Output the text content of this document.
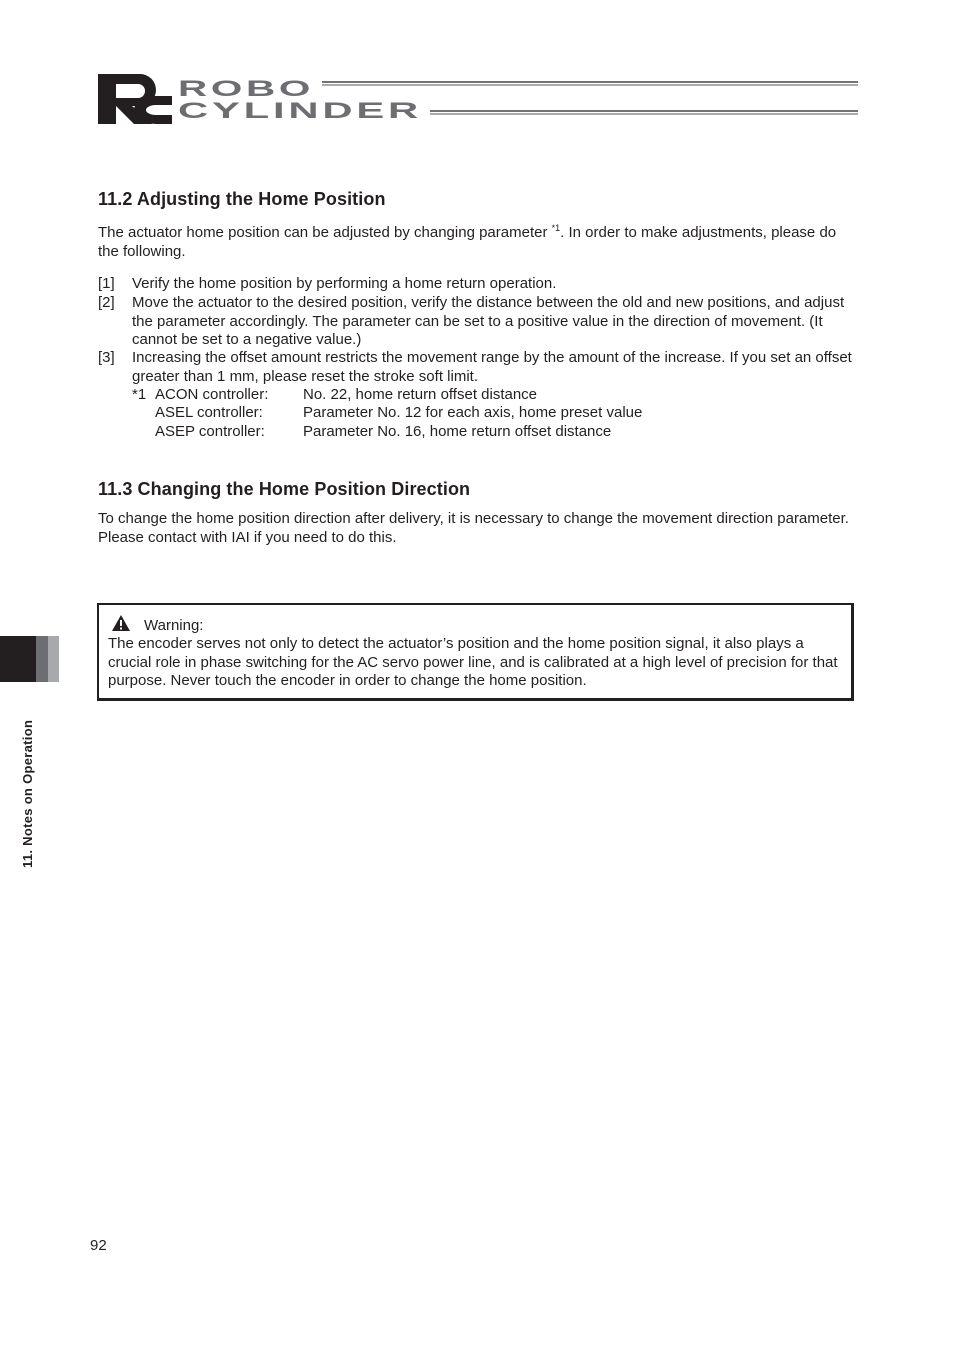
ROBO
CYLINDER
11.2 Adjusting the Home Position
The actuator home position can be adjusted by changing parameter $^{*1}$. In order to make adjustments, please do the following.
[1] Verify the home position by performing a home return operation.
[2] Move the actuator to the desired position, verify the distance between the old and new positions, and adjust the parameter accordingly. The parameter can be set to a positive value in the direction of movement. (It cannot be set to a negative value.)
[3] Increasing the offset amount restricts the movement range by the amount of the increase. If you set an offset greater than 1 mm, please reset the stroke soft limit.
*1 ACON controller: No. 22, home return offset distance
ASEL controller:	Parameter No. 12 for each axis, home preset value
ASEP controller:	Parameter No. 16, home return offset distance
11.3 Changing the Home Position Direction
To change the home position direction after delivery, it is necessary to change the movement direction parameter. Please contact with IAI if you need to do this.
Warning:
The encoder serves not only to detect the actuator’s position and the home position signal, it also plays a crucial role in phase switching for the AC servo power line, and is calibrated at a high level of precision for that purpose. Never touch the encoder in order to change the home position.
11. Notes on Operation
92
